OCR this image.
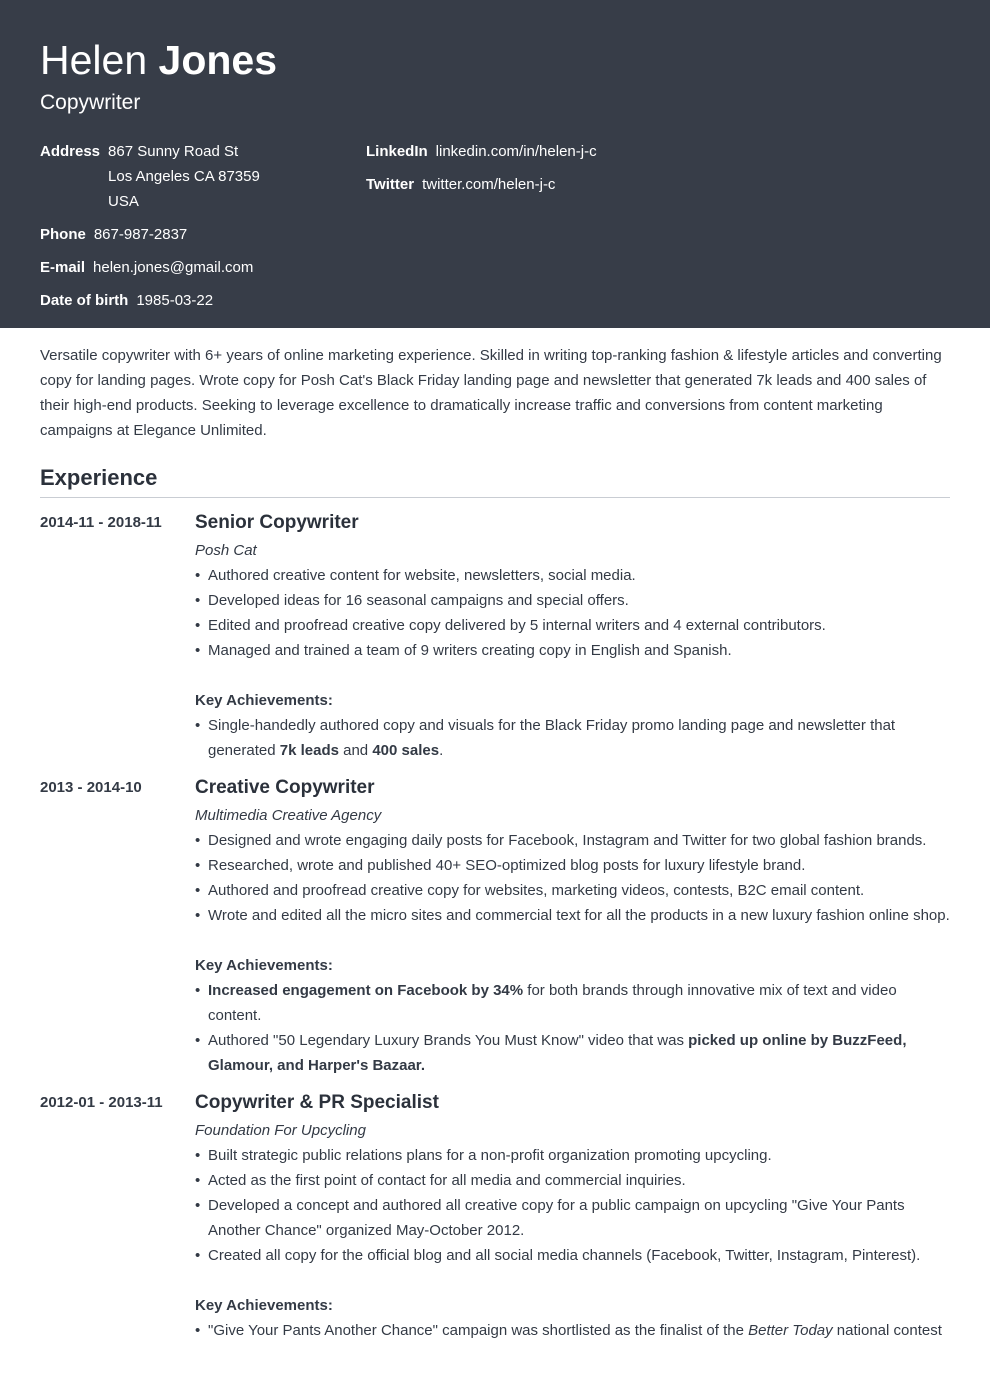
Helen Jones
Copywriter
Address 867 Sunny Road St
Los Angeles CA 87359
USA
Phone 867-987-2837
E-mail helen.jones@gmail.com
Date of birth 1985-03-22
LinkedIn linkedin.com/in/helen-j-c
Twitter twitter.com/helen-j-c
Versatile copywriter with 6+ years of online marketing experience. Skilled in writing top-ranking fashion & lifestyle articles and converting copy for landing pages. Wrote copy for Posh Cat's Black Friday landing page and newsletter that generated 7k leads and 400 sales of their high-end products. Seeking to leverage excellence to dramatically increase traffic and conversions from content marketing campaigns at Elegance Unlimited.
Experience
2014-11 - 2018-11	Senior Copywriter
Posh Cat
• Authored creative content for website, newsletters, social media.
• Developed ideas for 16 seasonal campaigns and special offers.
• Edited and proofread creative copy delivered by 5 internal writers and 4 external contributors.
• Managed and trained a team of 9 writers creating copy in English and Spanish.
Key Achievements:
• Single-handedly authored copy and visuals for the Black Friday promo landing page and newsletter that generated 7k leads and 400 sales.
2013 - 2014-10	Creative Copywriter
Multimedia Creative Agency
• Designed and wrote engaging daily posts for Facebook, Instagram and Twitter for two global fashion brands.
• Researched, wrote and published 40+ SEO-optimized blog posts for luxury lifestyle brand.
• Authored and proofread creative copy for websites, marketing videos, contests, B2C email content.
• Wrote and edited all the micro sites and commercial text for all the products in a new luxury fashion online shop.
Key Achievements:
• Increased engagement on Facebook by 34% for both brands through innovative mix of text and video content.
• Authored "50 Legendary Luxury Brands You Must Know" video that was picked up online by BuzzFeed, Glamour, and Harper's Bazaar.
2012-01 - 2013-11	Copywriter & PR Specialist
Foundation For Upcycling
• Built strategic public relations plans for a non-profit organization promoting upcycling.
• Acted as the first point of contact for all media and commercial inquiries.
• Developed a concept and authored all creative copy for a public campaign on upcycling "Give Your Pants Another Chance" organized May-October 2012.
• Created all copy for the official blog and all social media channels (Facebook, Twitter, Instagram, Pinterest).
Key Achievements:
• "Give Your Pants Another Chance" campaign was shortlisted as the finalist of the Better Today national contest
